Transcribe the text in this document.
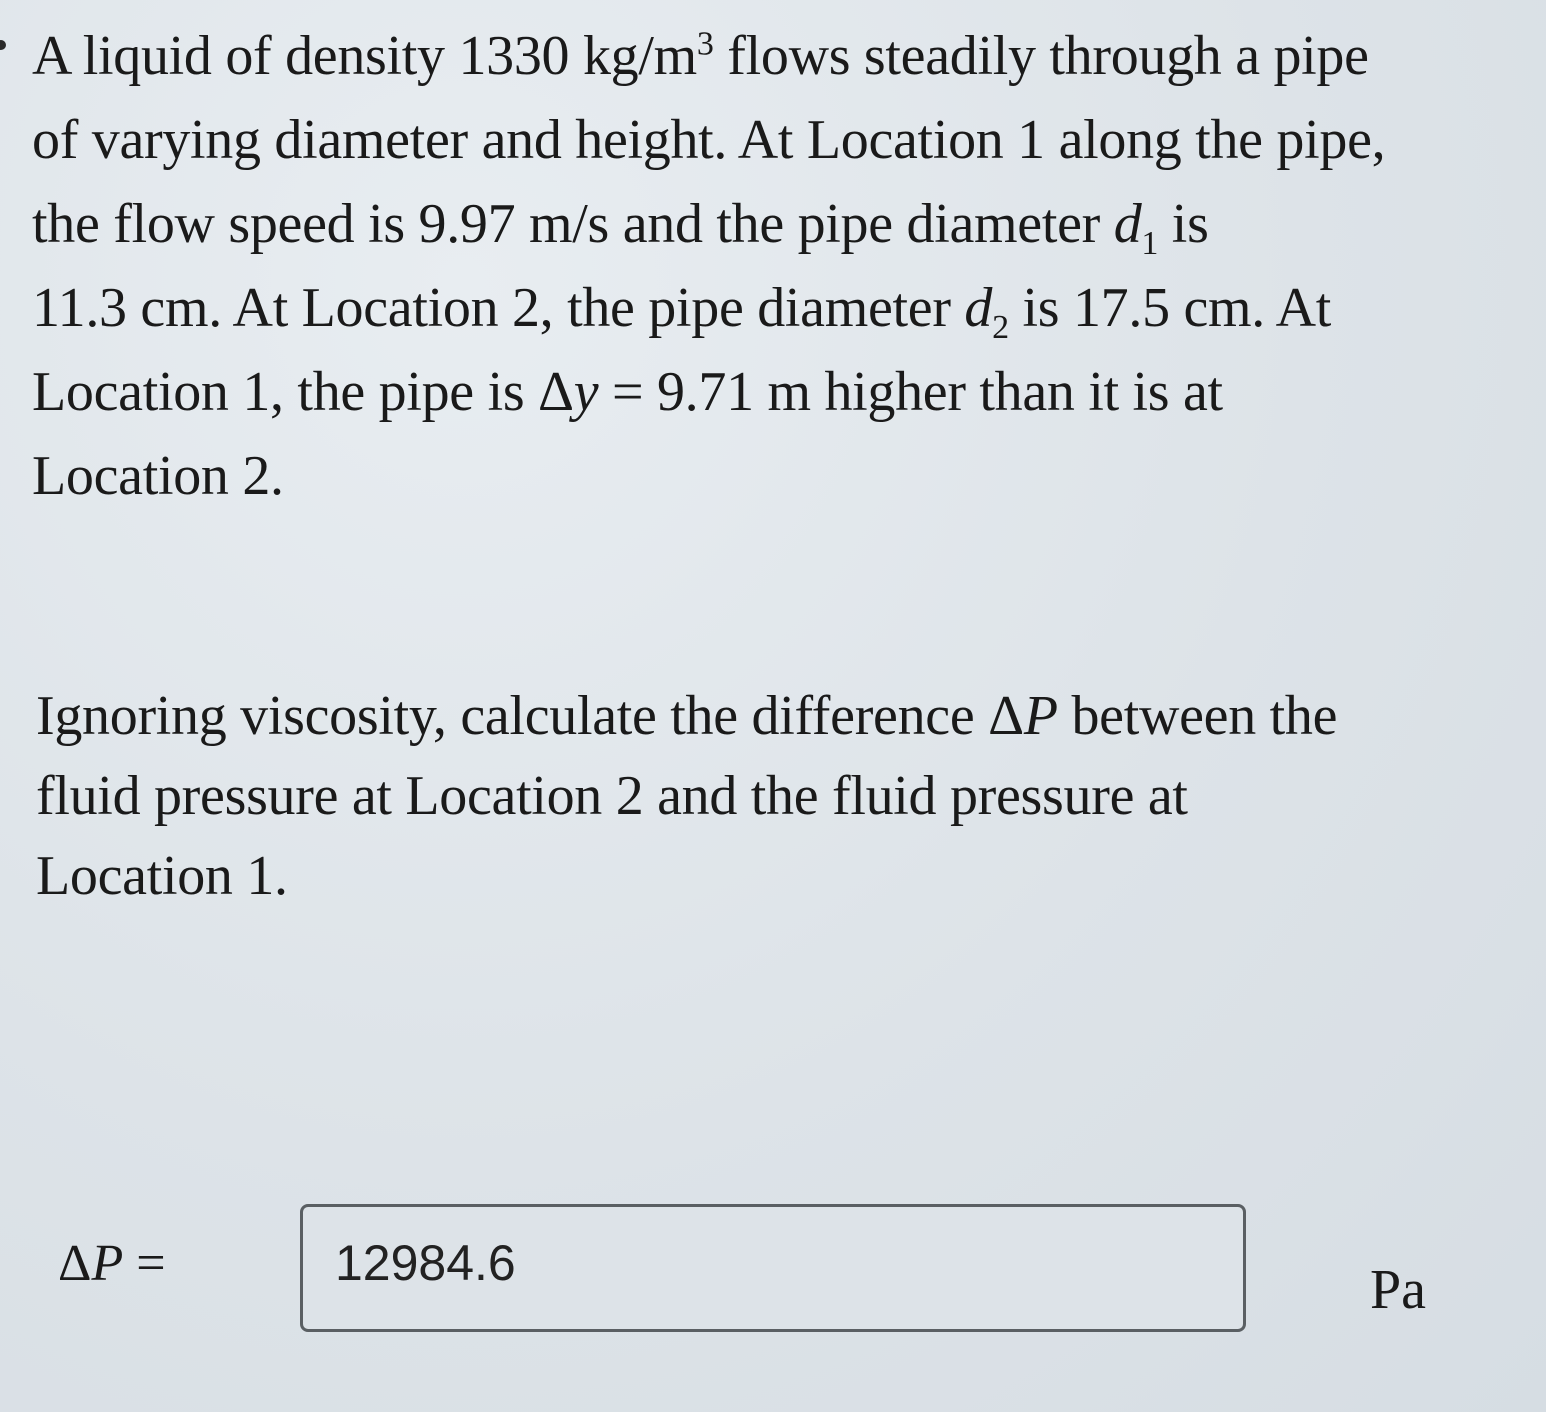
A liquid of density 1330 $kg/m^3$ flows steadily through a pipe

of varying diameter and height. At Location 1 along the pipe,

the flow speed is 9.97 m/s and the pipe diameter $d_1$ is

11.3 cm. At Location 2, the pipe diameter $d_2$ is 17.5 cm. At

Location 1, the pipe is Δy = 9.71 m higher than it is at

Location 2.

Ignoring viscosity, calculate the difference ΔP between the

fluid pressure at Location 2 and the fluid pressure at

Location 1.

ΔP =	12984.6	Pa
